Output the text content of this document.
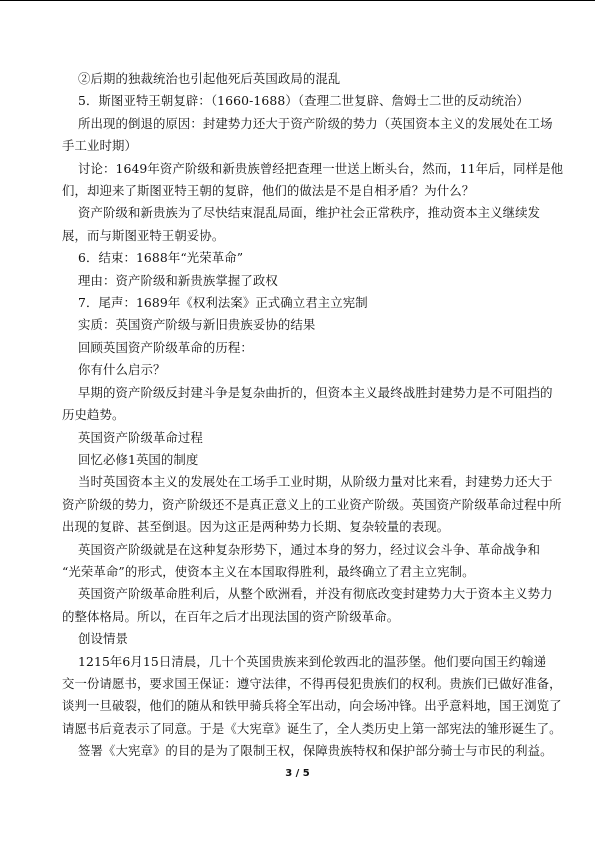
②后期的独裁统治也引起他死后英国政局的混乱

5．斯图亚特王朝复辟：（1660-1688）（查理二世复辟、詹姆士二世的反动统治）

所出现的倒退的原因：封建势力还大于资产阶级的势力（英国资本主义的发展处在工场

手工业时期）

讨论：1649年资产阶级和新贵族曾经把查理一世送上断头台，然而，11年后，同样是他

们，却迎来了斯图亚特王朝的复辟，他们的做法是不是自相矛盾？为什么？

资产阶级和新贵族为了尽快结束混乱局面，维护社会正常秩序，推动资本主义继续发

展，而与斯图亚特王朝妥协。

6．结束：1688年“光荣革命”

理由：资产阶级和新贵族掌握了政权

7．尾声：1689年《权利法案》正式确立君主立宪制

实质：英国资产阶级与新旧贵族妥协的结果

回顾英国资产阶级革命的历程：

你有什么启示？

早期的资产阶级反封建斗争是复杂曲折的，但资本主义最终战胜封建势力是不可阻挡的

历史趋势。

英国资产阶级革命过程

回忆必修1英国的制度

当时英国资本主义的发展处在工场手工业时期，从阶级力量对比来看，封建势力还大于

资产阶级的势力，资产阶级还不是真正意义上的工业资产阶级。英国资产阶级革命过程中所

出现的复辟、甚至倒退。因为这正是两种势力长期、复杂较量的表现。

英国资产阶级就是在这种复杂形势下，通过本身的努力，经过议会斗争、革命战争和

“光荣革命”的形式，使资本主义在本国取得胜利，最终确立了君主立宪制。

英国资产阶级革命胜利后，从整个欧洲看，并没有彻底改变封建势力大于资本主义势力

的整体格局。所以，在百年之后才出现法国的资产阶级革命。

创设情景

1215年6月15日清晨，几十个英国贵族来到伦敦西北的温莎堡。他们要向国王约翰递

交一份请愿书，要求国王保证：遵守法律，不得再侵犯贵族们的权利。贵族们已做好准备，

谈判一旦破裂，他们的随从和铁甲骑兵将全军出动，向会场冲锋。出乎意料地，国王浏览了

请愿书后竟表示了同意。于是《大宪章》诞生了，全人类历史上第一部宪法的雏形诞生了。

签署《大宪章》的目的是为了限制王权，保障贵族特权和保护部分骑士与市民的利益。

3 / 5
